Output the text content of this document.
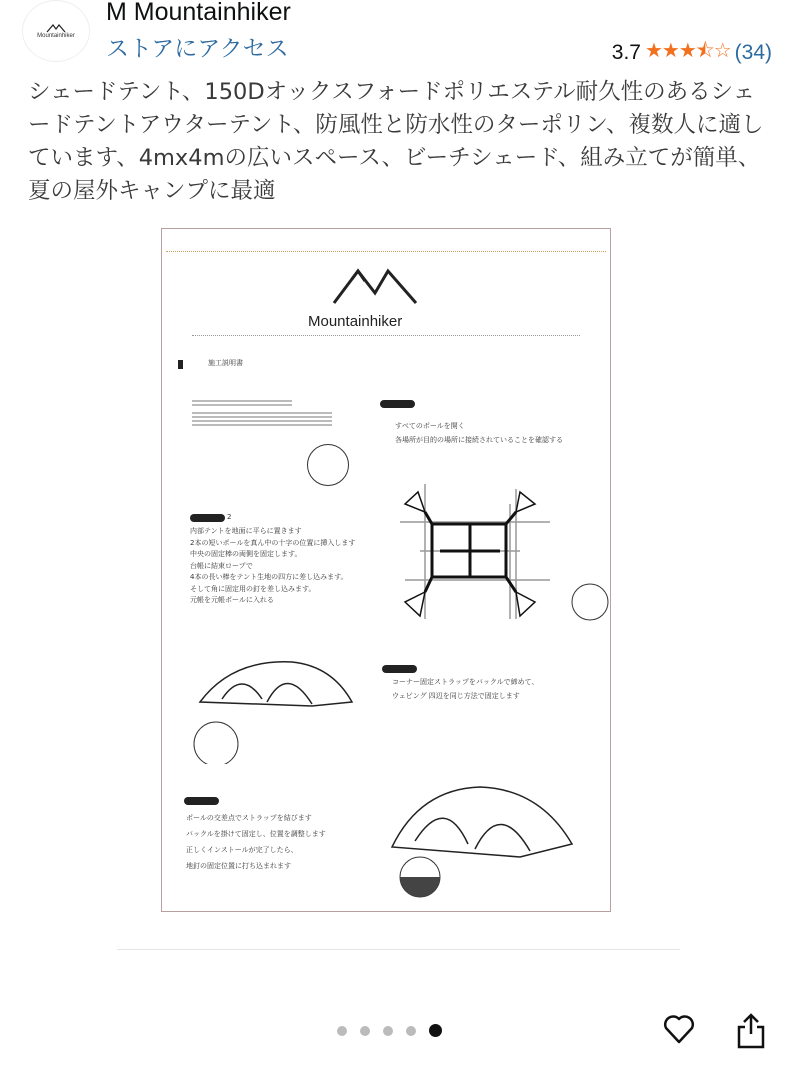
Mountainhiker
M Mountainhiker
ストアにアクセス	3.7 ★★★⯪☆ (34)
シェードテント、150Dオックスフォードポリエステル耐久性のあるシェードテントアウターテント、防風性と防水性のターポリン、複数人に適しています、4mx4mの広いスペース、ビーチシェード、組み立てが簡単、夏の屋外キャンプに最適
Mountainhiker
施工説明書
すべてのポールを開く
各場所が目的の場所に接続されていることを確認する
2
内部テントを地面に平らに置きます
2本の短いポールを真ん中の十字の位置に挿入します
中央の固定棒の両側を固定します。
台帳に結束ロープで
4本の長い棒をテント生地の四方に差し込みます。
そして角に固定用の釘を差し込みます。
元帳を元帳ポールに入れる
コーナー固定ストラップをバックルで締めて、
ウェビング 四辺を同じ方法で固定します
ポールの交差点でストラップを結びます
バックルを掛けて固定し、位置を調整します
正しくインストールが完了したら、
地釘の固定位置に打ち込まれます
